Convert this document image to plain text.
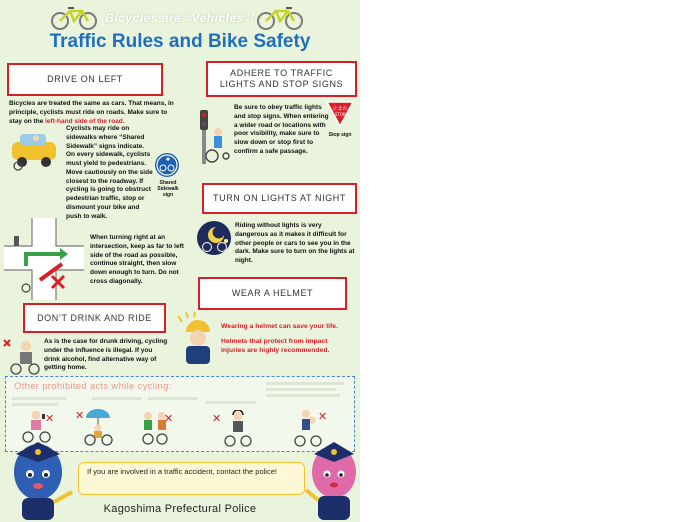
Bicycles are “Vehicles”!
Traffic Rules and Bike Safety
DRIVE ON LEFT
Bicycles are treated the same as cars. That means, in principle, cyclists must ride on roads. Make sure to stay on the left-hand side of the road.
Cyclists may ride on sidewalks where “Shared Sidewalk” signs indicate. On every sidewalk, cyclists must yield to pedestrians. Move cautiously on the side closest to the roadway. If cycling is going to obstruct pedestrian traffic, stop or dismount your bike and push to walk.
Shared Sidewalk sign
When turning right at an intersection, keep as far to left side of the road as possible, continue straight, then slow down enough to turn. Do not cross diagonally.
ADHERE TO TRAFFIC LIGHTS AND STOP SIGNS
Be sure to obey traffic lights and stop signs. When entering a wider road or locations with poor visibility, make sure to slow down or stop first to confirm a safe passage.
止まれ
STOP
Stop sign
TURN ON LIGHTS AT NIGHT
Riding without lights is very dangerous as it makes it difficult for other people or cars to see you in the dark. Make sure to turn on the lights at night.
WEAR A HELMET
Wearing a helmet can save your life.
Helmets that protect from impact injuries are highly recommended.
DON’T DRINK AND RIDE
As is the case for drunk driving, cycling under the influence is illegal. If you drink alcohol, find alternative way of getting home.
Other prohibited acts while cycling:
✕ ✕	✕	✕	✕
If you are involved in a traffic accident, contact the police!
Kagoshima Prefectural Police
